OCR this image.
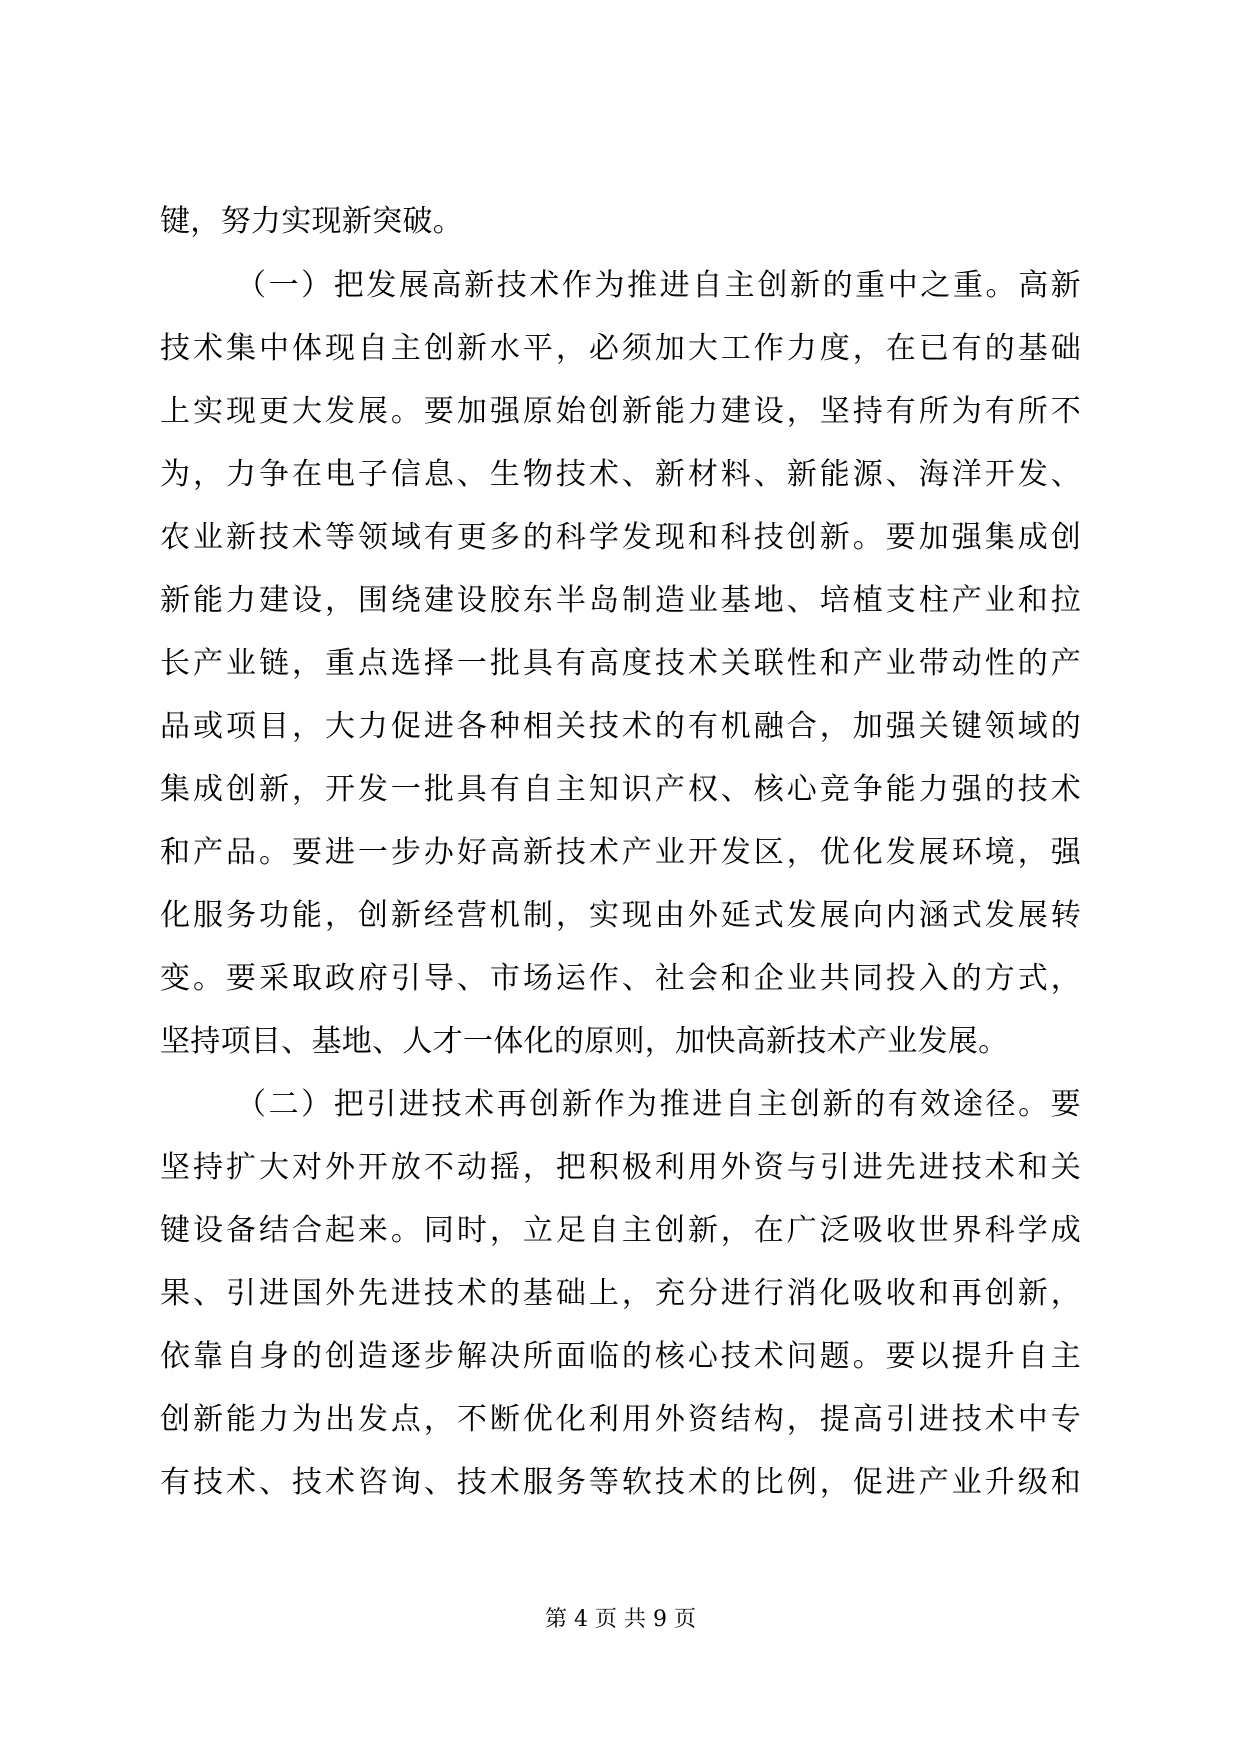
键，努力实现新突破。
（一）把发展高新技术作为推进自主创新的重中之重。高新
技术集中体现自主创新水平，必须加大工作力度，在已有的基础
上实现更大发展。要加强原始创新能力建设，坚持有所为有所不
为，力争在电子信息、生物技术、新材料、新能源、海洋开发、
农业新技术等领域有更多的科学发现和科技创新。要加强集成创
新能力建设，围绕建设胶东半岛制造业基地、培植支柱产业和拉
长产业链，重点选择一批具有高度技术关联性和产业带动性的产
品或项目，大力促进各种相关技术的有机融合，加强关键领域的
集成创新，开发一批具有自主知识产权、核心竞争能力强的技术
和产品。要进一步办好高新技术产业开发区，优化发展环境，强
化服务功能，创新经营机制，实现由外延式发展向内涵式发展转
变。要采取政府引导、市场运作、社会和企业共同投入的方式，
坚持项目、基地、人才一体化的原则，加快高新技术产业发展。
（二）把引进技术再创新作为推进自主创新的有效途径。要
坚持扩大对外开放不动摇，把积极利用外资与引进先进技术和关
键设备结合起来。同时，立足自主创新，在广泛吸收世界科学成
果、引进国外先进技术的基础上，充分进行消化吸收和再创新，
依靠自身的创造逐步解决所面临的核心技术问题。要以提升自主
创新能力为出发点，不断优化利用外资结构，提高引进技术中专
有技术、技术咨询、技术服务等软技术的比例，促进产业升级和
第 4 页 共 9 页
